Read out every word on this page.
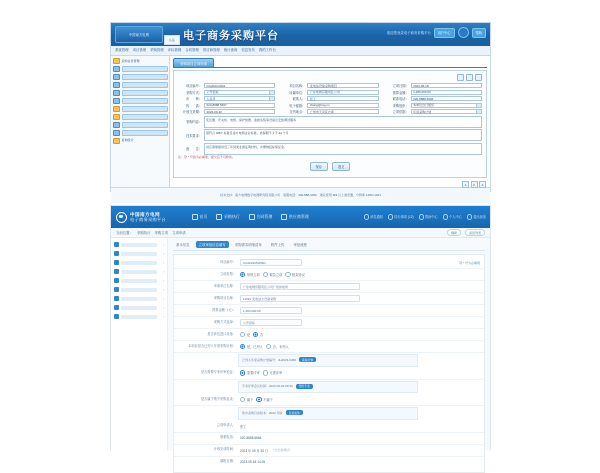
中国南方电网
认证 电子商务采购平台	欢迎您登录电子商务采购平台	用户中心	帮助
系统管理 项目管理 采购管理 评标管理 合同管理 供应商管理 统计查询 信息发布 我的工作台
采购业务管理
查询统计
采购项目立项申请
项目编号：	CG2023-0001	项目名称：	变电站设备采购项目	立项日期：	2023-05-18
采购方式：	公开招标	所属单位：	广东电网有限责任公司	预算金额：	1,280,000.00
币　　种：	人民币	联系人：	张工	联系电话：	020-8888 6666
传　　真：	020-8888 6667	电子邮箱：	zhang@csg.cn	采购组织：	本单位自行组织
计划交货期：	2023-09-30	交货地点：	广州市天河区仓库	立项依据：	年度采购计划
采购内容：
变压器、开关柜、电缆、保护装置、监控系统等设备及安装调试服务
技术要求：
须符合 GB/T 标准及南方电网企业标准，质保期不少于 24 个月
备　　注：
供应商须提供近三年同类业绩证明材料，并缴纳投标保证金。
注：带 * 号的为必填项，提交后不可修改。
保存	提交
技术支持：南方电网数字电网研究院有限公司　客服电话：400-888-0000　建议使用 IE9 以上浏览器，分辨率 1280×1024
1	2	3
中国南方电网
电子商务采购平台
首页	采购执行	合同管理	供应商管理	消息通知	待办事项 (12)	帮助中心	个人中心	退出登录
当前位置： 采购执行 采购立项 立项申请	刷新	返回列表
›
›
›
›
›
›
›
›
›
基本信息	立项审批信息填写	采购需求明细清单	附件上传	审批流程
项目编号：	CG20230518001	带 * 号为必填项
立项类型：	常规立项	紧急立项	框架协议
申请单位名称：	广东电网有限责任公司广州供电局
采购项目名称：	110kV 变电站主设备采购
预算金额（元）：	1,280,000.00
采购方式选择：	公开招标
是否涉及进口设备：	是	否
本项目是否已列入年度采购计划：	是，已列入	否，未列入
已列入年度采购计划编号：JH2023-0456	查看计划
是否需要专家评审论证：	需要评审	无需评审
专家评审会议时间：2023-06-02 09:30	预约专家
是否属于集中采购目录：	属于	不属于
集中采购目录版本：2023 年版	目录查询
立项申请人：	张工
联系电话：	020-8888 6666
计划完成时间：	2023 年 09 月 30 日 （含安装调试）
填报日期：	2023-05-18 14:26
